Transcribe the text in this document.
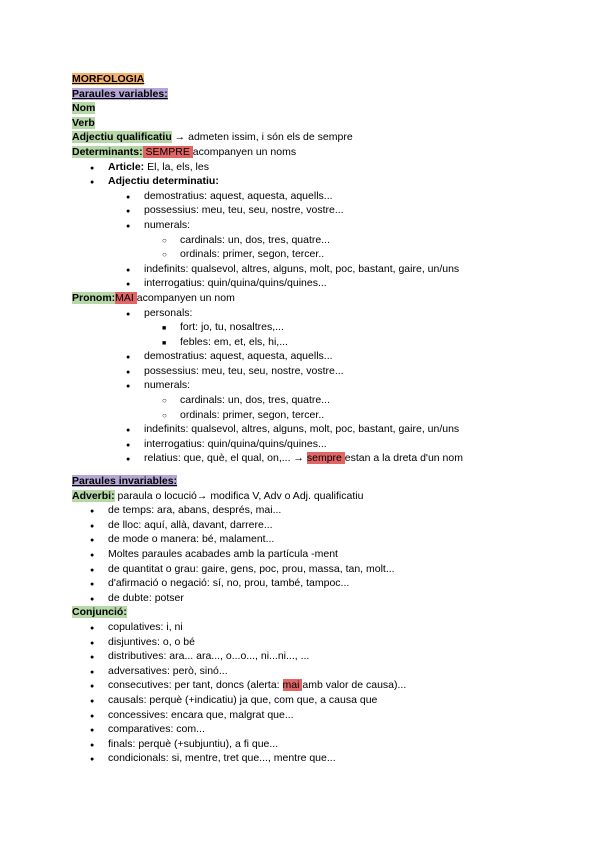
MORFOLOGIA
Paraules variables:
Nom
Verb
Adjectiu qualificatiu → admeten issim, i són els de sempre
Determinants: SEMPRE acompanyen un noms
●
Article: El, la, els, les
●
Adjectiu determinatiu:
●
demostratius: aquest, aquesta, aquells...
●
possessius: meu, teu, seu, nostre, vostre...
●
numerals:
○
cardinals: un, dos, tres, quatre...
○
ordinals: primer, segon, tercer..
●
indefinits: qualsevol, altres, alguns, molt, poc, bastant, gaire, un/uns
●
interrogatius: quin/quina/quins/quines...
Pronom:MAI acompanyen un nom
●
personals:
■
fort: jo, tu, nosaltres,...
■
febles: em, et, els, hi,...
●
demostratius: aquest, aquesta, aquells...
●
possessius: meu, teu, seu, nostre, vostre...
●
numerals:
○
cardinals: un, dos, tres, quatre...
○
ordinals: primer, segon, tercer..
●
indefinits: qualsevol, altres, alguns, molt, poc, bastant, gaire, un/uns
●
interrogatius: quin/quina/quins/quines...
●
relatius: que, què, el qual, on,... → sempre estan a la dreta d'un nom
Paraules invariables:
Adverbi: paraula o locució→ modifica V, Adv o Adj. qualificatiu
●
de temps: ara, abans, després, mai...
●
de lloc: aquí, allà, davant, darrere...
●
de mode o manera: bé, malament...
●
Moltes paraules acabades amb la partícula -ment
●
de quantitat o grau: gaire, gens, poc, prou, massa, tan, molt...
●
d'afirmació o negació: sí, no, prou, també, tampoc...
●
de dubte: potser
Conjunció:
●
copulatives: i, ni
●
disjuntives: o, o bé
●
distributives: ara... ara..., o...o..., ni...ni..., ...
●
adversatives: però, sinó...
●
consecutives: per tant, doncs (alerta: mai amb valor de causa)...
●
causals: perquè (+indicatiu) ja que, com que, a causa que
●
concessives: encara que, malgrat que...
●
comparatives: com...
●
finals: perquè (+subjuntiu), a fi que...
●
condicionals: si, mentre, tret que..., mentre que...
